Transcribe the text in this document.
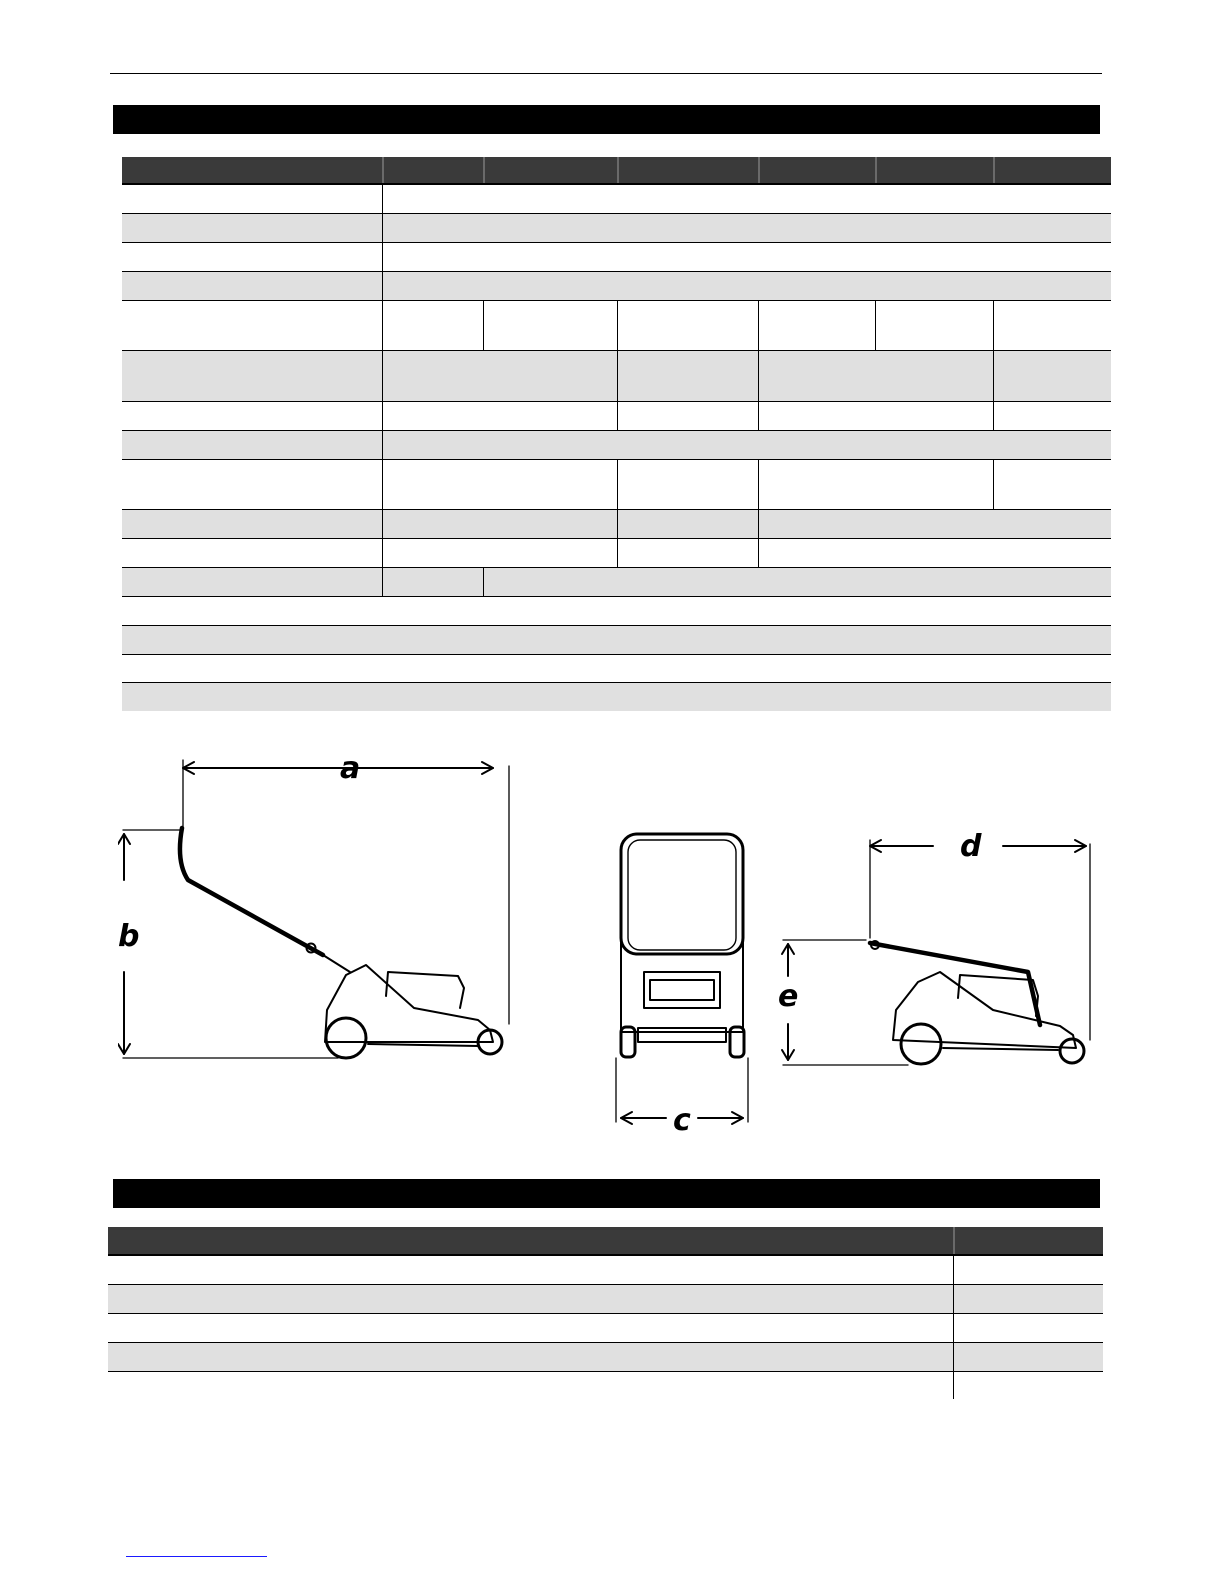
a
b
c
d
e
